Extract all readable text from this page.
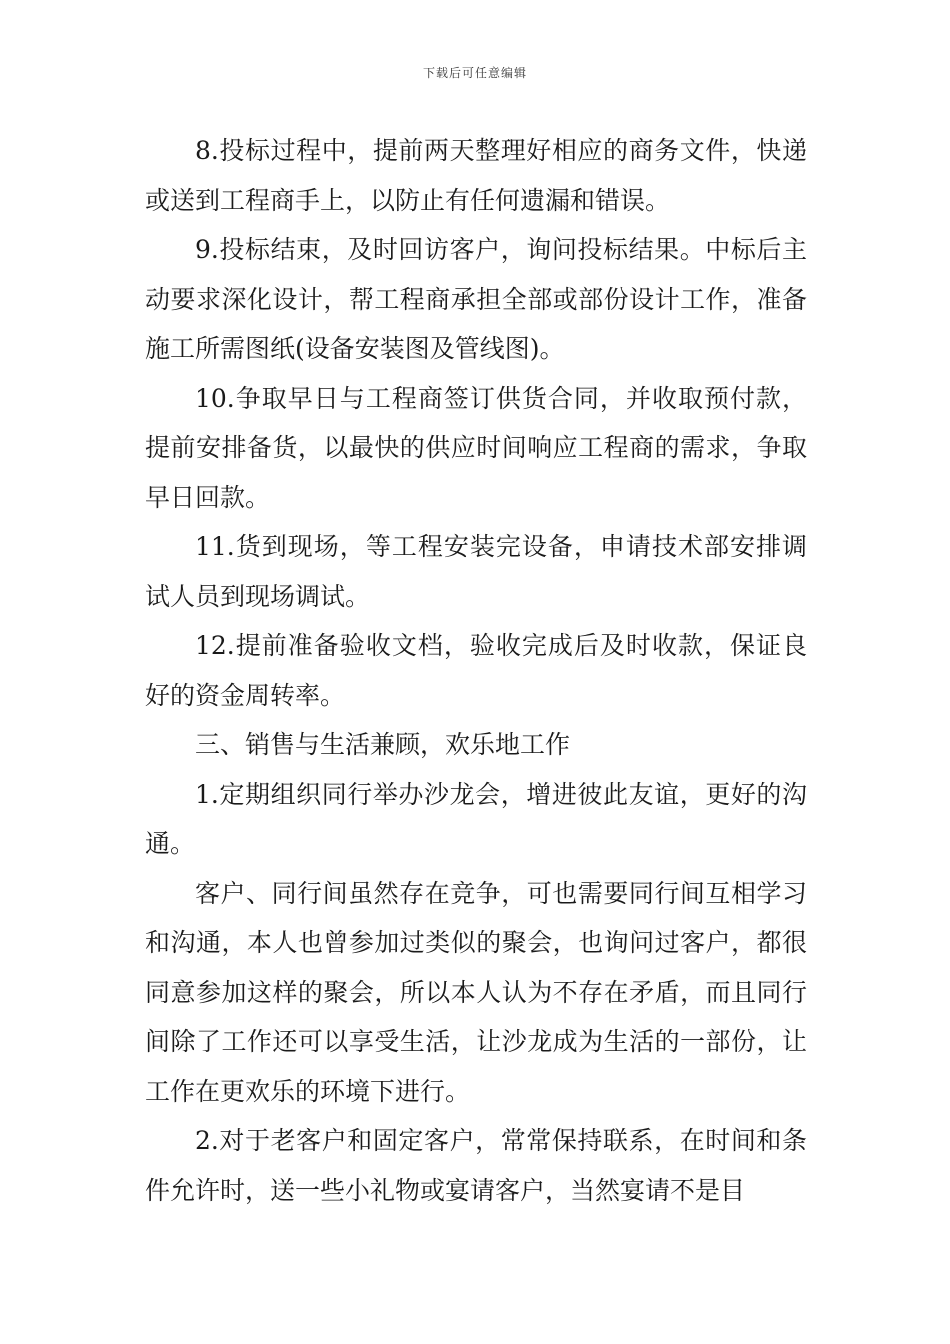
下载后可任意编辑

8.投标过程中，提前两天整理好相应的商务文件，快递或送到工程商手上，以防止有任何遗漏和错误。

9.投标结束，及时回访客户，询问投标结果。中标后主动要求深化设计，帮工程商承担全部或部份设计工作，准备施工所需图纸(设备安装图及管线图)。

10.争取早日与工程商签订供货合同，并收取预付款，提前安排备货，以最快的供应时间响应工程商的需求，争取早日回款。

11.货到现场，等工程安装完设备，申请技术部安排调试人员到现场调试。

12.提前准备验收文档，验收完成后及时收款，保证良好的资金周转率。

三、销售与生活兼顾，欢乐地工作

1.定期组织同行举办沙龙会，增进彼此友谊，更好的沟通。

客户、同行间虽然存在竞争，可也需要同行间互相学习和沟通，本人也曾参加过类似的聚会，也询问过客户，都很同意参加这样的聚会，所以本人认为不存在矛盾，而且同行间除了工作还可以享受生活，让沙龙成为生活的一部份，让工作在更欢乐的环境下进行。

2.对于老客户和固定客户，常常保持联系，在时间和条件允许时，送一些小礼物或宴请客户，当然宴请不是目
